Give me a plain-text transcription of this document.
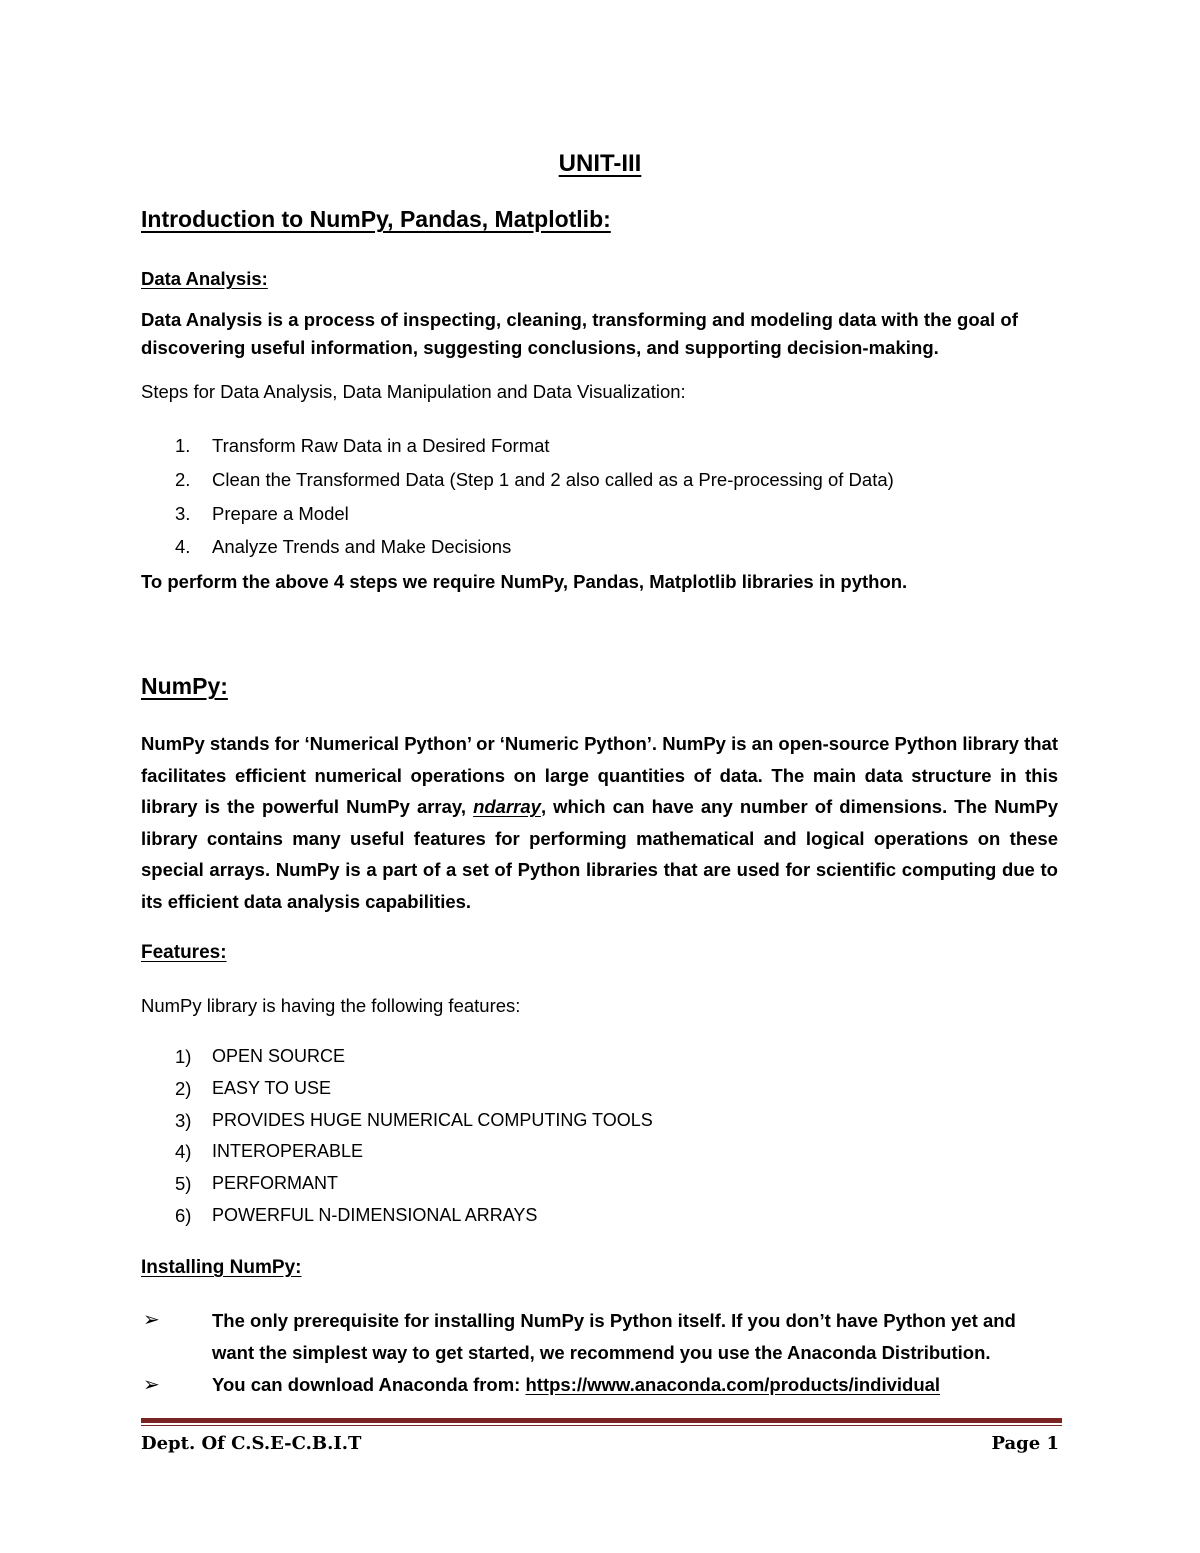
UNIT-III

Introduction to NumPy, Pandas, Matplotlib:

Data Analysis:

Data Analysis is a process of inspecting, cleaning, transforming and modeling data with the goal of discovering useful information, suggesting conclusions, and supporting decision-making.

Steps for Data Analysis, Data Manipulation and Data Visualization:

1. Transform Raw Data in a Desired Format
2. Clean the Transformed Data (Step 1 and 2 also called as a Pre-processing of Data)
3. Prepare a Model
4. Analyze Trends and Make Decisions

To perform the above 4 steps we require NumPy, Pandas, Matplotlib libraries in python.

NumPy:

NumPy stands for ‘Numerical Python’ or ‘Numeric Python’. NumPy is an open-source Python library that facilitates efficient numerical operations on large quantities of data. The main data structure in this library is the powerful NumPy array, ndarray, which can have any number of dimensions. The NumPy library contains many useful features for performing mathematical and logical operations on these special arrays. NumPy is a part of a set of Python libraries that are used for scientific computing due to its efficient data analysis capabilities.

Features:

NumPy library is having the following features:

1) OPEN SOURCE
2) EASY TO USE
3) PROVIDES HUGE NUMERICAL COMPUTING TOOLS
4) INTEROPERABLE
5) PERFORMANT
6) POWERFUL N-DIMENSIONAL ARRAYS

Installing NumPy:

➢	The only prerequisite for installing NumPy is Python itself. If you don’t have Python yet and want the simplest way to get started, we recommend you use the Anaconda Distribution.

➢	You can download Anaconda from: https://www.anaconda.com/products/individual

Dept. Of C.S.E-C.B.I.T	Page 1
